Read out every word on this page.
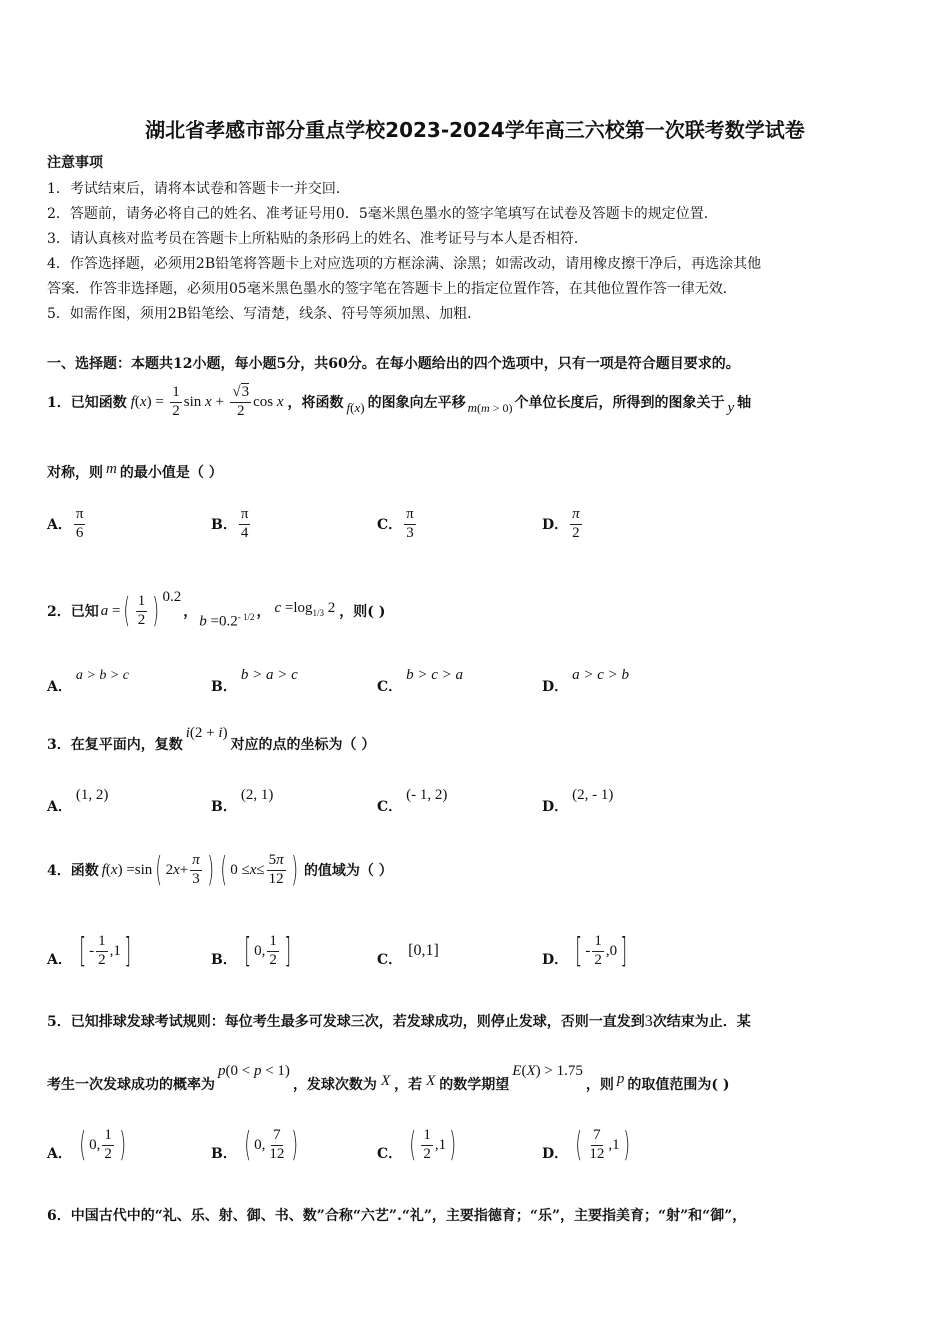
湖北省孝感市部分重点学校2023-2024学年高三六校第一次联考数学试卷
注意事项
1．考试结束后，请将本试卷和答题卡一并交回．
2．答题前，请务必将自己的姓名、准考证号用0．5毫米黑色墨水的签字笔填写在试卷及答题卡的规定位置．
3．请认真核对监考员在答题卡上所粘贴的条形码上的姓名、准考证号与本人是否相符．
4．作答选择题，必须用2B铅笔将答题卡上对应选项的方框涂满、涂黑；如需改动，请用橡皮擦干净后，再选涂其他
答案．作答非选择题，必须用05毫米黑色墨水的签字笔在答题卡上的指定位置作答，在其他位置作答一律无效．
5．如需作图，须用2B铅笔绘、写清楚，线条、符号等须加黑、加粗．
一、选择题：本题共12小题，每小题5分，共60分。在每小题给出的四个选项中，只有一项是符合题目要求的。
1．已知函数 $f(x) = \frac{1}{2}$ $\sin x + \frac{√3}{2}$ cos x ，将函数 f(x) 的图象向左平移 m(m > 0) 个单位长度后，所得到的图象关于 y 轴
对称，则 m 的最小值是（ ）
A． $\frac{\pi}{6}$	B． $\frac{\pi}{4}$	C． $\frac{\pi}{3}$	D． $\frac{\pi}{2}$
2．已知 a = ( $\frac{1}{2} )^{0.2}$
，
$b =0.2^{- 1/2}$ ， $c =\log_{1/3}$ 2 ，则( )
A．a > b > c
B．b > a > c
C．b > c > a
D．a > c > b
3．在复平面内，复数
i(2 + i)
对应的点的坐标为（ ）
A．(1, 2)
B．(2, 1)
C．(- 1, 2)
D．(2, - 1)
4．函数 f ( x ) =sin ( 2 $x + \frac{\pi}{3}$ ) ( $0 \le x \le \frac{5\pi}{12}$ ) 的值域为（ ）
A． [ - $\frac{1}{2} ,1$ ]	B． [ 0, $\frac{1}{2}$ ]	C．
[0,1]
D． [ - $\frac{1}{2} ,0$ ]
5．已知排球发球考试规则：每位考生最多可发球三次，若发球成功，则停止发球，否则一直发到3次结束为止．某
考生一次发球成功的概率为
p(0 < p < 1)
，发球次数为 X ，若 X 的数学期望
E(X) > 1.75
，则 p 的取值范围为( )
A． ( 0, $\frac{1}{2}$ )	B． ( 0, $\frac{7}{12}$ )	C． ( $\frac{1}{2} ,1$ )	D． ( $\frac{7}{12} ,1$ )
6．中国古代中的“礼、乐、射、御、书、数”合称“六艺”.“礼”，主要指德育；“乐”，主要指美育；“射”和“御”，
